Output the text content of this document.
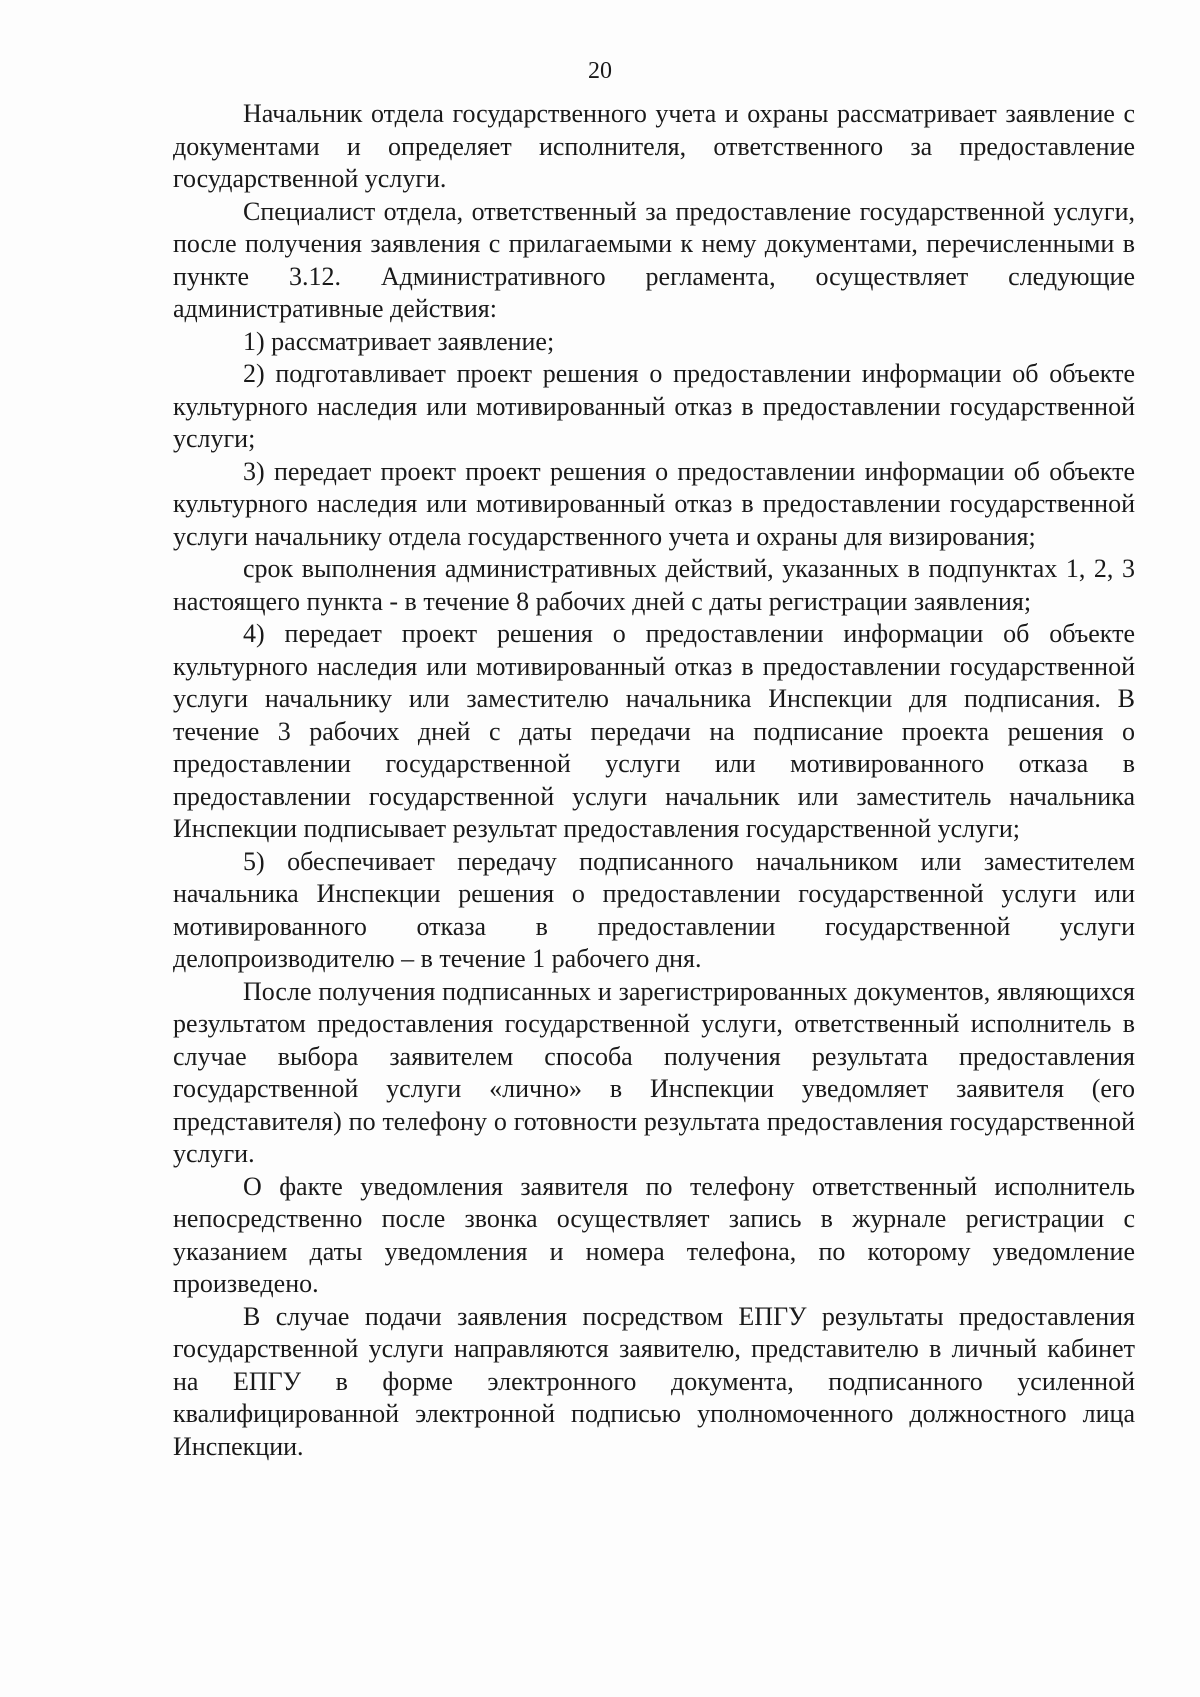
20

Начальник отдела государственного учета и охраны рассматривает заявление с документами и определяет исполнителя, ответственного за предоставление государственной услуги.

Специалист отдела, ответственный за предоставление государственной услуги, после получения заявления с прилагаемыми к нему документами, перечисленными в пункте 3.12. Административного регламента, осуществляет следующие административные действия:

1) рассматривает заявление;

2) подготавливает проект решения о предоставлении информации об объекте культурного наследия или мотивированный отказ в предоставлении государственной услуги;

3) передает проект проект решения о предоставлении информации об объекте культурного наследия или мотивированный отказ в предоставлении государственной услуги начальнику отдела государственного учета и охраны для визирования;

срок выполнения административных действий, указанных в подпунктах 1, 2, 3 настоящего пункта - в течение 8 рабочих дней с даты регистрации заявления;

4) передает проект решения о предоставлении информации об объекте культурного наследия или мотивированный отказ в предоставлении государственной услуги начальнику или заместителю начальника Инспекции для подписания. В течение 3 рабочих дней с даты передачи на подписание проекта решения о предоставлении государственной услуги или мотивированного отказа в предоставлении государственной услуги начальник или заместитель начальника Инспекции подписывает результат предоставления государственной услуги;

5) обеспечивает передачу подписанного начальником или заместителем начальника Инспекции решения о предоставлении государственной услуги или мотивированного отказа в предоставлении государственной услуги делопроизводителю – в течение 1 рабочего дня.

После получения подписанных и зарегистрированных документов, являющихся результатом предоставления государственной услуги, ответственный исполнитель в случае выбора заявителем способа получения результата предоставления государственной услуги «лично» в Инспекции уведомляет заявителя (его представителя) по телефону о готовности результата предоставления государственной услуги.

О факте уведомления заявителя по телефону ответственный исполнитель непосредственно после звонка осуществляет запись в журнале регистрации с указанием даты уведомления и номера телефона, по которому уведомление произведено.

В случае подачи заявления посредством ЕПГУ результаты предоставления государственной услуги направляются заявителю, представителю в личный кабинет на ЕПГУ в форме электронного документа, подписанного усиленной квалифицированной электронной подписью уполномоченного должностного лица Инспекции.
